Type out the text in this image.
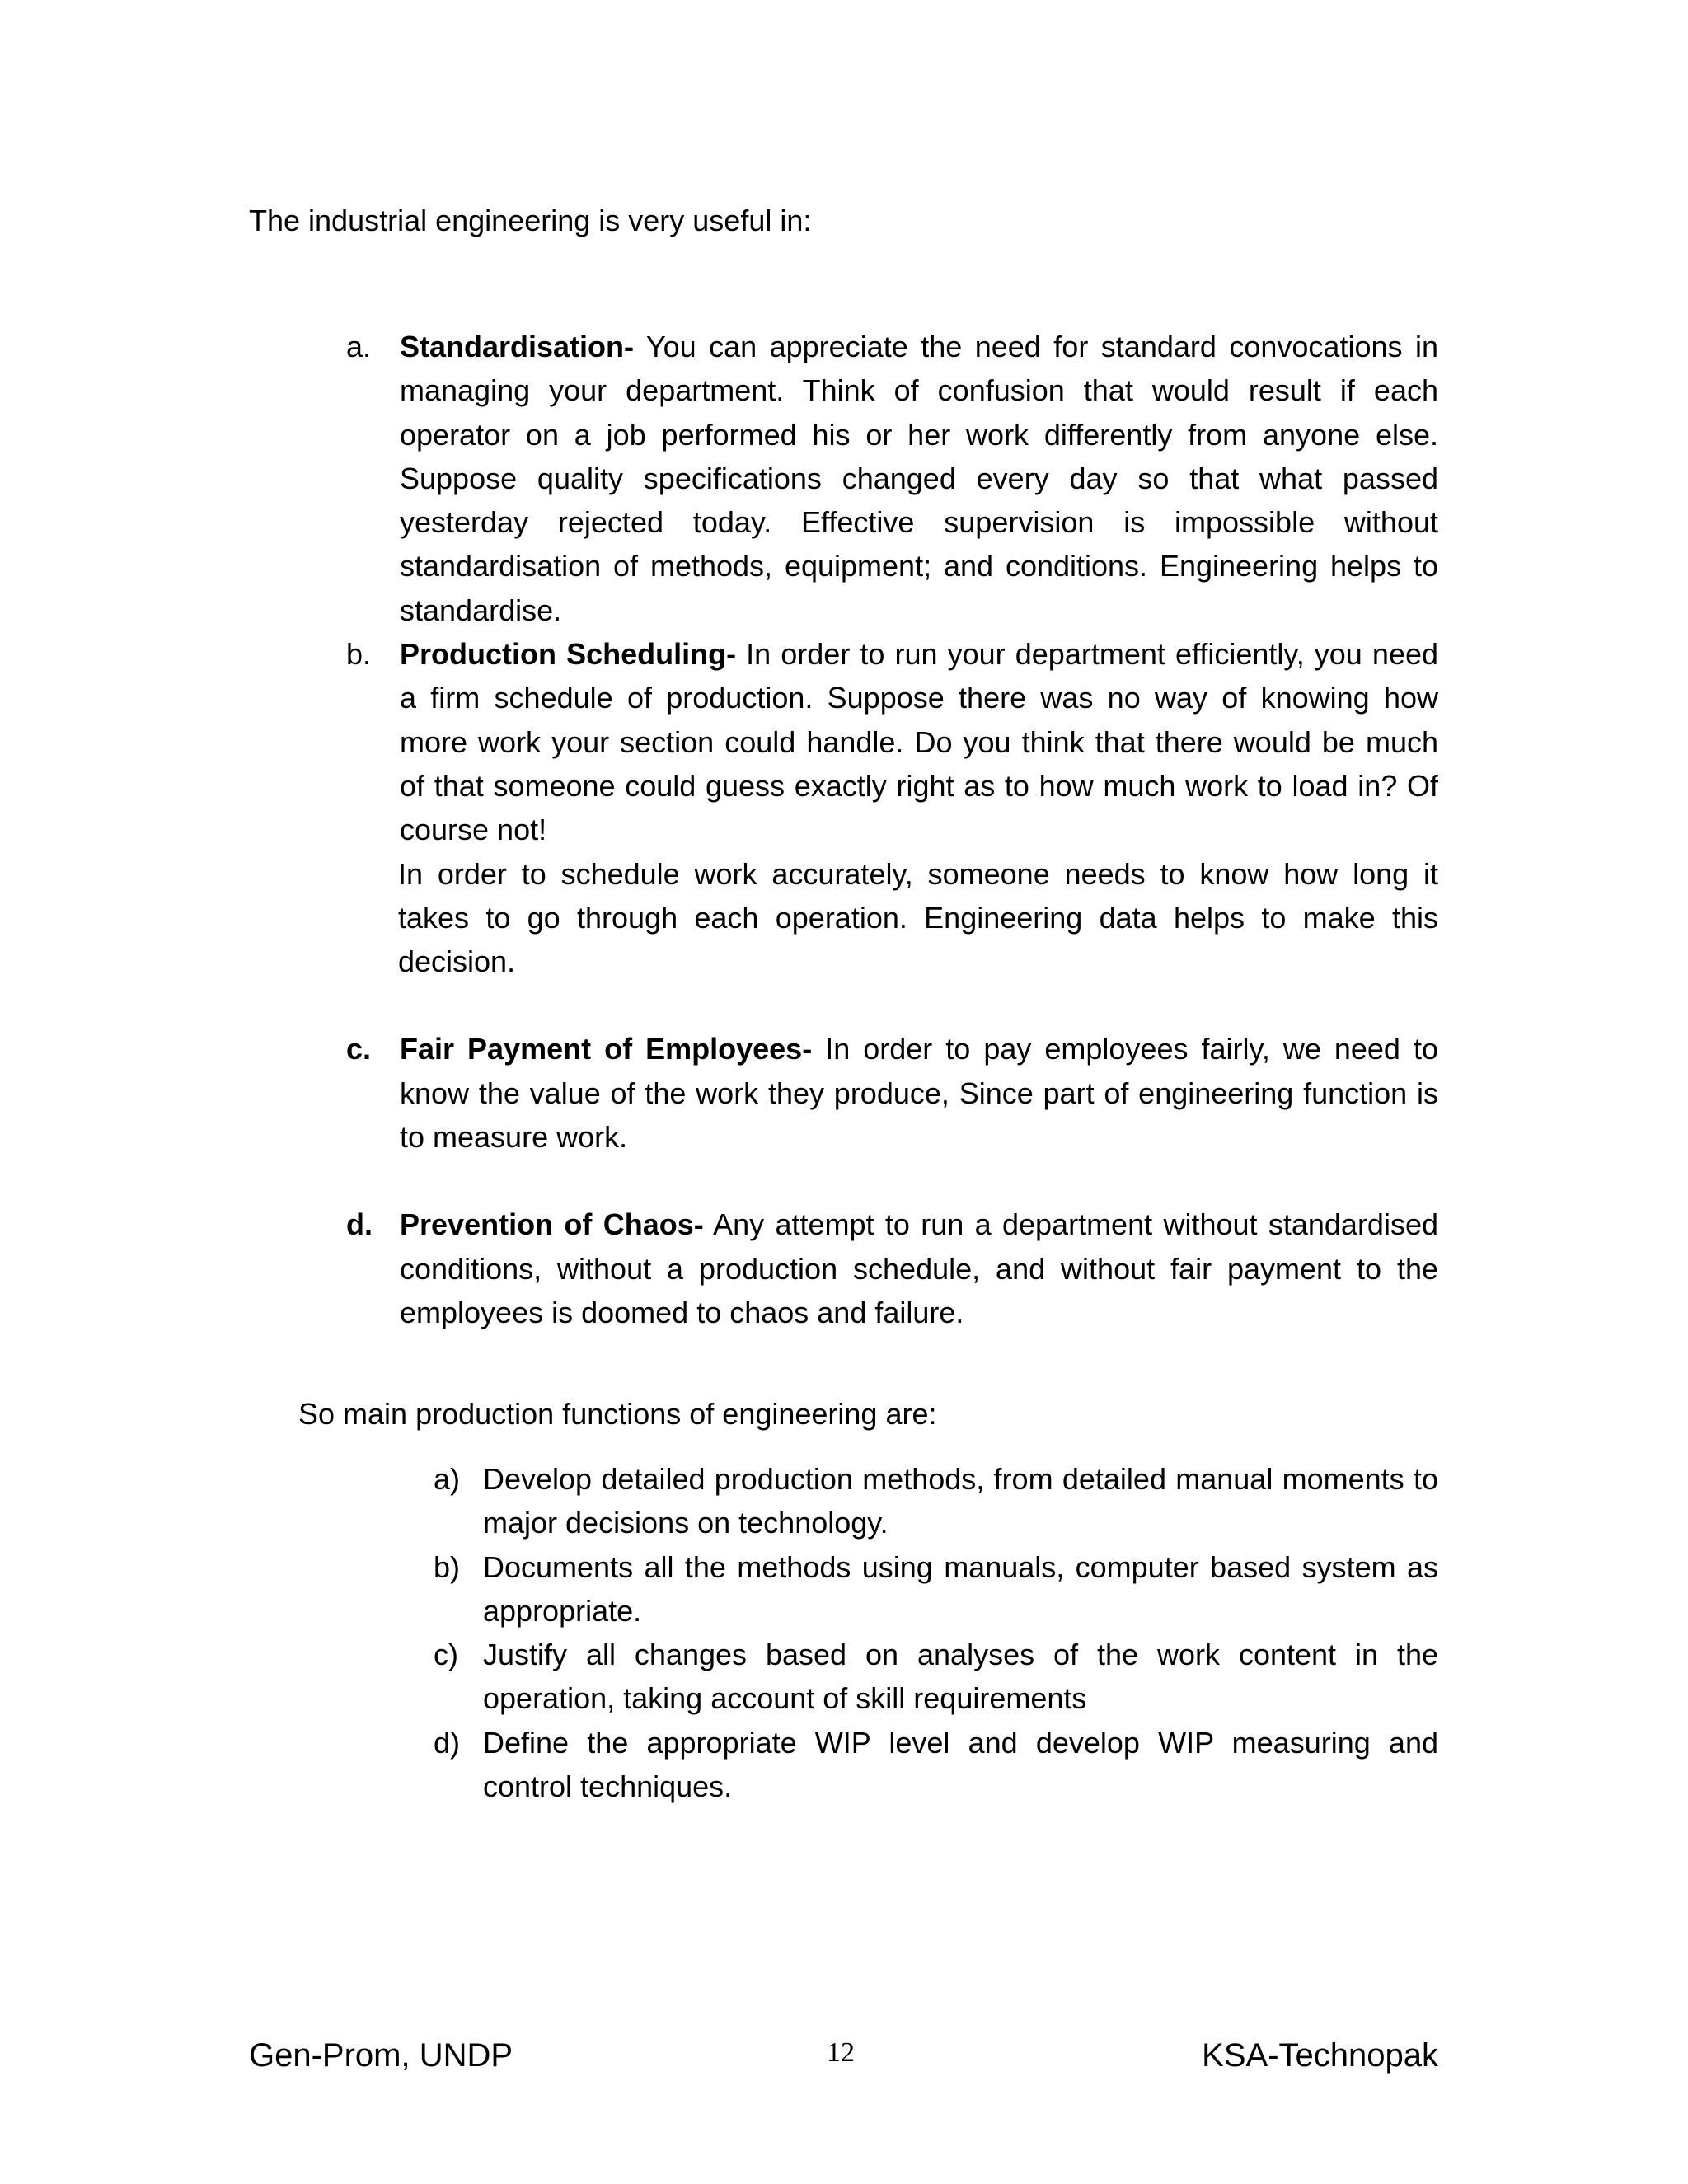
The industrial engineering is very useful in:

a. Standardisation- You can appreciate the need for standard convocations in managing your department. Think of confusion that would result if each operator on a job performed his or her work differently from anyone else. Suppose quality specifications changed every day so that what passed yesterday rejected today. Effective supervision is impossible without standardisation of methods, equipment; and conditions. Engineering helps to standardise.

b. Production Scheduling- In order to run your department efficiently, you need a firm schedule of production. Suppose there was no way of knowing how more work your section could handle. Do you think that there would be much of that someone could guess exactly right as to how much work to load in? Of course not!

In order to schedule work accurately, someone needs to know how long it takes to go through each operation. Engineering data helps to make this decision.

c. Fair Payment of Employees- In order to pay employees fairly, we need to know the value of the work they produce, Since part of engineering function is to measure work.

d. Prevention of Chaos- Any attempt to run a department without standardised conditions, without a production schedule, and without fair payment to the employees is doomed to chaos and failure.

So main production functions of engineering are:

a) Develop detailed production methods, from detailed manual moments to major decisions on technology.

b) Documents all the methods using manuals, computer based system as appropriate.

c) Justify all changes based on analyses of the work content in the operation, taking account of skill requirements

d) Define the appropriate WIP level and develop WIP measuring and control techniques.

Gen-Prom, UNDP	12	KSA-Technopak
